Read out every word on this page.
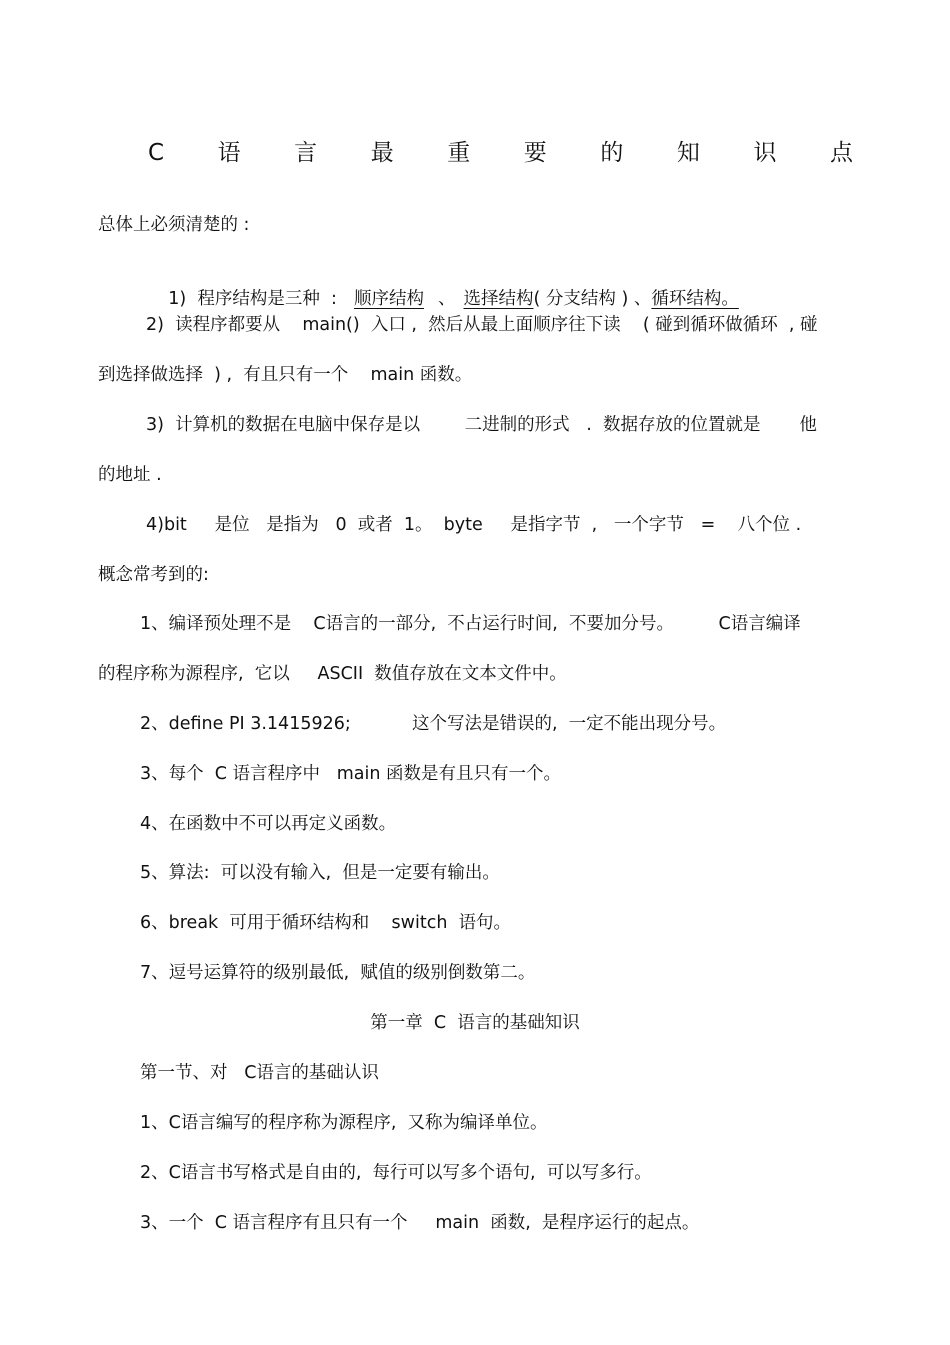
C 语 言 最 重 要 的 知 识 点
总体上必须清楚的 :

1)  程序结构是三种  :  顺序结构 、 选择结构( 分支结构 ) 、循环结构。

2)  读程序都要从    main()  入口 ,  然后从最上面顺序往下读    ( 碰到循环做循环  , 碰
到选择做选择  ) ,  有且只有一个    main 函数。
3)  计算机的数据在电脑中保存是以        二进制的形式   .  数据存放的位置就是       他
的地址 .
4)bit     是位   是指为   0  或者  1。  byte     是指字节  ,   一个字节   =    八个位 .
概念常考到的:
1、编译预处理不是    C语言的一部分,  不占运行时间,  不要加分号。        C语言编译
的程序称为源程序,  它以     ASCII  数值存放在文本文件中。
2、define PI 3.1415926;           这个写法是错误的,  一定不能出现分号。
3、每个  C 语言程序中   main 函数是有且只有一个。
4、在函数中不可以再定义函数。
5、算法:  可以没有输入,  但是一定要有输出。
6、break  可用于循环结构和    switch  语句。
7、逗号运算符的级别最低,  赋值的级别倒数第二。
第一章  C  语言的基础知识
第一节、对   C语言的基础认识
1、C语言编写的程序称为源程序,  又称为编译单位。
2、C语言书写格式是自由的,  每行可以写多个语句,  可以写多行。
3、一个  C 语言程序有且只有一个     main  函数,  是程序运行的起点。
